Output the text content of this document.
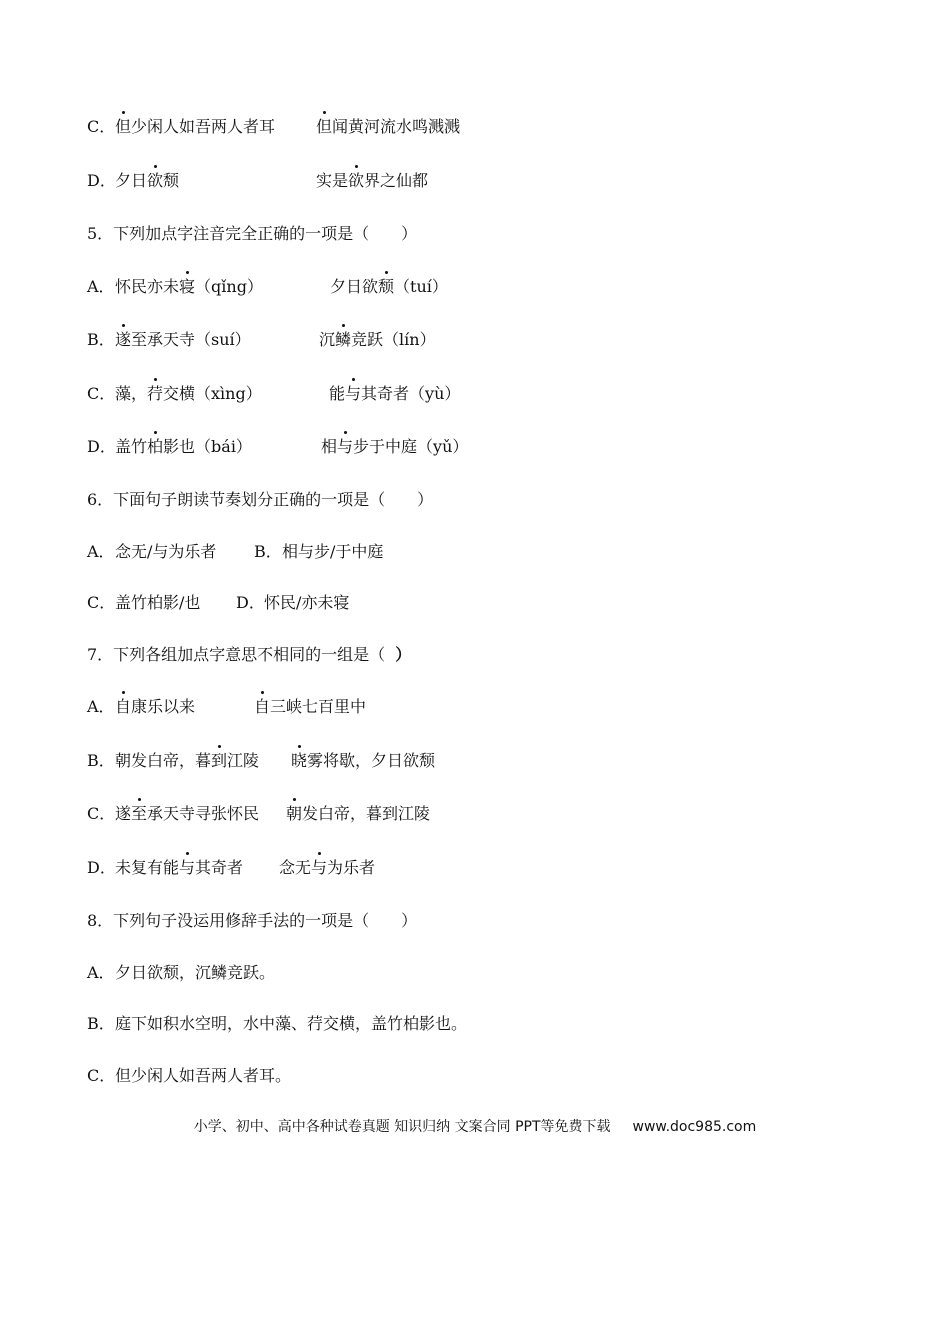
C．但少闲人如吾两人者耳	但闻黄河流水鸣溅溅
D．夕日欲颓	实是欲界之仙都
5．下列加点字注音完全正确的一项是（　　）
A．怀民亦未寝（qǐng）	夕日欲颓（tuí）
B．遂至承天寺（suí）	沉鳞竞跃（lín）
C．藻，荇交横（xìng）	能与其奇者（yù）
D．盖竹柏影也（bái）	相与步于中庭（yǔ）
6．下面句子朗读节奏划分正确的一项是（　　）
A．念无/与为乐者 B．相与步/于中庭
C．盖竹柏影/也 D．怀民/亦未寝
7．下列各组加点字意思不相同的一组是（ ）
A．自康乐以来	自三峡七百里中
B．朝发白帝，暮到江陵 晓雾将歇，夕日欲颓
C．遂至承天寺寻张怀民 朝发白帝，暮到江陵
D．未复有能与其奇者 念无与为乐者
8．下列句子没运用修辞手法的一项是（　　）
A．夕日欲颓，沉鳞竞跃。
B．庭下如积水空明，水中藻、荇交横，盖竹柏影也。
C．但少闲人如吾两人者耳。
小学、初中、高中各种试卷真题 知识归纳 文案合同 PPT等免费下载 www.doc985.com
